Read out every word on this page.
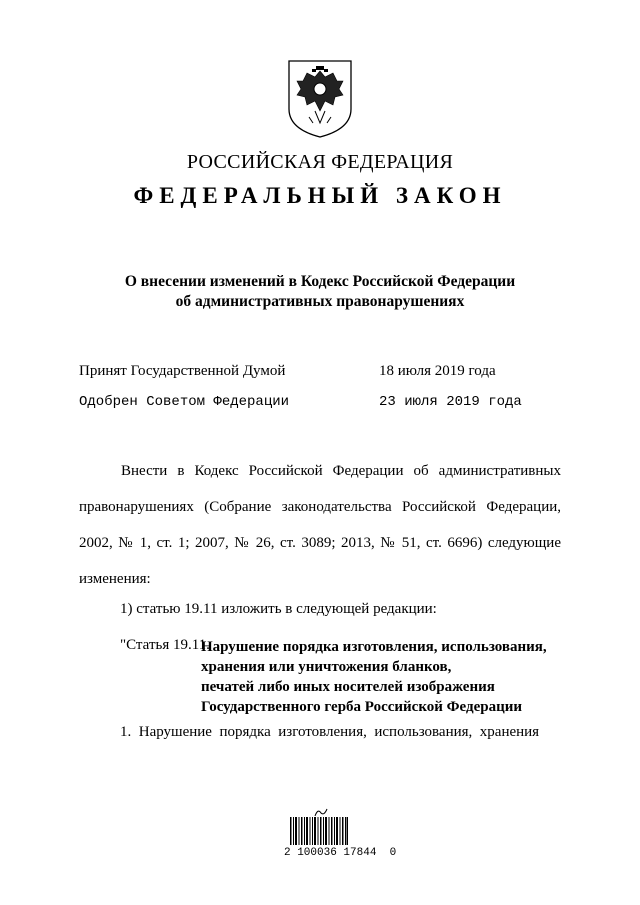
РОССИЙСКАЯ ФЕДЕРАЦИЯ
ФЕДЕРАЛЬНЫЙ ЗАКОН
О внесении изменений в Кодекс Российской Федерации
об административных правонарушениях
Принят Государственной Думой	18 июля 2019 года
Одобрен Советом Федерации	23 июля 2019 года
Внести в Кодекс Российской Федерации об административных правонарушениях (Собрание законодательства Российской Федерации, 2002, № 1, ст. 1; 2007, № 26, ст. 3089; 2013, № 51, ст. 6696) следующие изменения:
1) статью 19.11 изложить в следующей редакции:
"Статья 19.11.
Нарушение порядка изготовления, использования,
хранения или уничтожения бланков,
печатей либо иных носителей изображения
Государственного герба Российской Федерации
1.  Нарушение  порядка  изготовления,  использования,  хранения
2 100036 17844  0
